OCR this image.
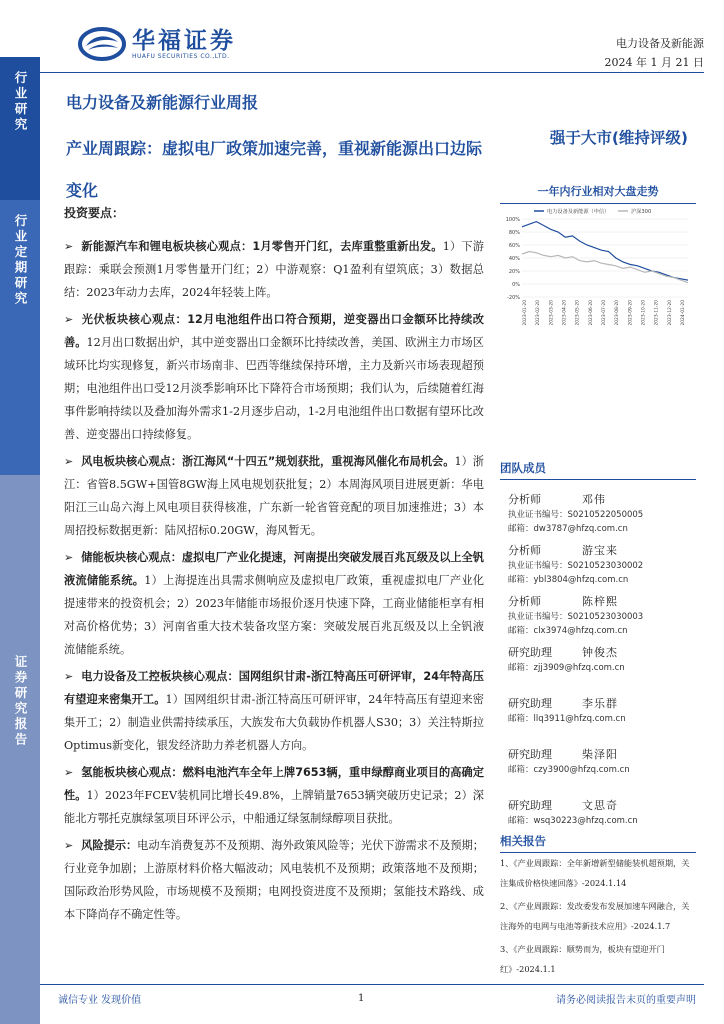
行业研究
行业定期研究
证券研究报告
华福证券
HUAFU SECURITIES CO.,LTD.
电力设备及新能源
2024 年 1 月 21 日
电力设备及新能源行业周报
产业周跟踪：虚拟电厂政策加速完善，重视新能源出口边际变化
强于大市(维持评级)
投资要点：
➢ 新能源汽车和锂电板块核心观点：1月零售开门红，去库重整重新出发。1）下游跟踪：乘联会预测1月零售量开门红；2）中游观察：Q1盈利有望筑底；3）数据总结：2023年动力去库，2024年轻装上阵。
➢ 光伏板块核心观点：12月电池组件出口符合预期，逆变器出口金额环比持续改善。12月出口数据出炉，其中逆变器出口金额环比持续改善，美国、欧洲主力市场区域环比均实现修复，新兴市场南非、巴西等继续保持环增，主力及新兴市场表现超预期；电池组件出口受12月淡季影响环比下降符合市场预期；我们认为，后续随着红海事件影响持续以及叠加海外需求1-2月逐步启动，1-2月电池组件出口数据有望环比改善、逆变器出口持续修复。
➢ 风电板块核心观点：浙江海风“十四五”规划获批，重视海风催化布局机会。1）浙江：省管8.5GW+国管8GW海上风电规划获批复；2）本周海风项目进展更新：华电阳江三山岛六海上风电项目获得核准，广东新一轮省管竞配的项目加速推进；3）本周招投标数据更新：陆风招标0.20GW，海风暂无。
➢ 储能板块核心观点：虚拟电厂产业化提速，河南提出突破发展百兆瓦级及以上全钒液流储能系统。1）上海提连出具需求侧响应及虚拟电厂政策，重视虚拟电厂产业化提速带来的投资机会；2）2023年储能市场报价逐月快速下降，工商业储能柜享有相对高价格优势；3）河南省重大技术装备攻坚方案：突破发展百兆瓦级及以上全钒液流储能系统。
➢ 电力设备及工控板块核心观点：国网组织甘肃-浙江特高压可研评审，24年特高压有望迎来密集开工。1）国网组织甘肃-浙江特高压可研评审，24年特高压有望迎来密集开工；2）制造业供需持续承压，大族发布大负载协作机器人S30；3）关注特斯拉Optimus新变化，银发经济助力养老机器人方向。
➢ 氢能板块核心观点：燃料电池汽车全年上牌7653辆，重申绿醇商业项目的高确定性。1）2023年FCEV装机同比增长49.8%，上牌销量7653辆突破历史记录；2）深能北方鄂托克旗绿氢项目环评公示，中船通辽绿氢制绿醇项目获批。
➢ 风险提示：电动车消费复苏不及预期、海外政策风险等；光伏下游需求不及预期；行业竞争加剧；上游原材料价格大幅波动；风电装机不及预期；政策落地不及预期；国际政治形势风险，市场规模不及预期；电网投资进度不及预期；氢能技术路线、成本下降尚存不确定性等。
一年内行业相对大盘走势
100%
80%
60%
40%
20%
0%
-20%
2023-01-20 2023-02-20 2023-03-20 2023-04-20 2023-05-20 2023-06-20 2023-07-20 2023-08-20 2023-09-20 2023-10-20 2023-11-20 2023-12-20 2024-01-20
电力设备及新能源（申信）	沪深300
团队成员
分析师	邓伟
执业证书编号：S0210522050005
邮箱：dw3787@hfzq.com.cn
分析师	游宝来
执业证书编号：S0210523030002
邮箱：ybl3804@hfzq.com.cn
分析师	陈梓熙
执业证书编号：S0210523030003
邮箱：clx3974@hfzq.com.cn
研究助理	钟俊杰
邮箱：zjj3909@hfzq.com.cn
研究助理	李乐群
邮箱：llq3911@hfzq.com.cn
研究助理	柴泽阳
邮箱：czy3900@hfzq.com.cn
研究助理	文思奇
邮箱：wsq30223@hfzq.com.cn
相关报告
1、《产业周跟踪：全年新增新型储能装机超预期，关注集成价格快速回落》-2024.1.14
2、《产业周跟踪：发改委发布发展加速车网融合，关注海外的电网与电池等新技术应用》-2024.1.7
3、《产业周跟踪：顺势而为，板块有望迎开门红》-2024.1.1
诚信专业 发现价值	1	请务必阅读报告末页的重要声明
